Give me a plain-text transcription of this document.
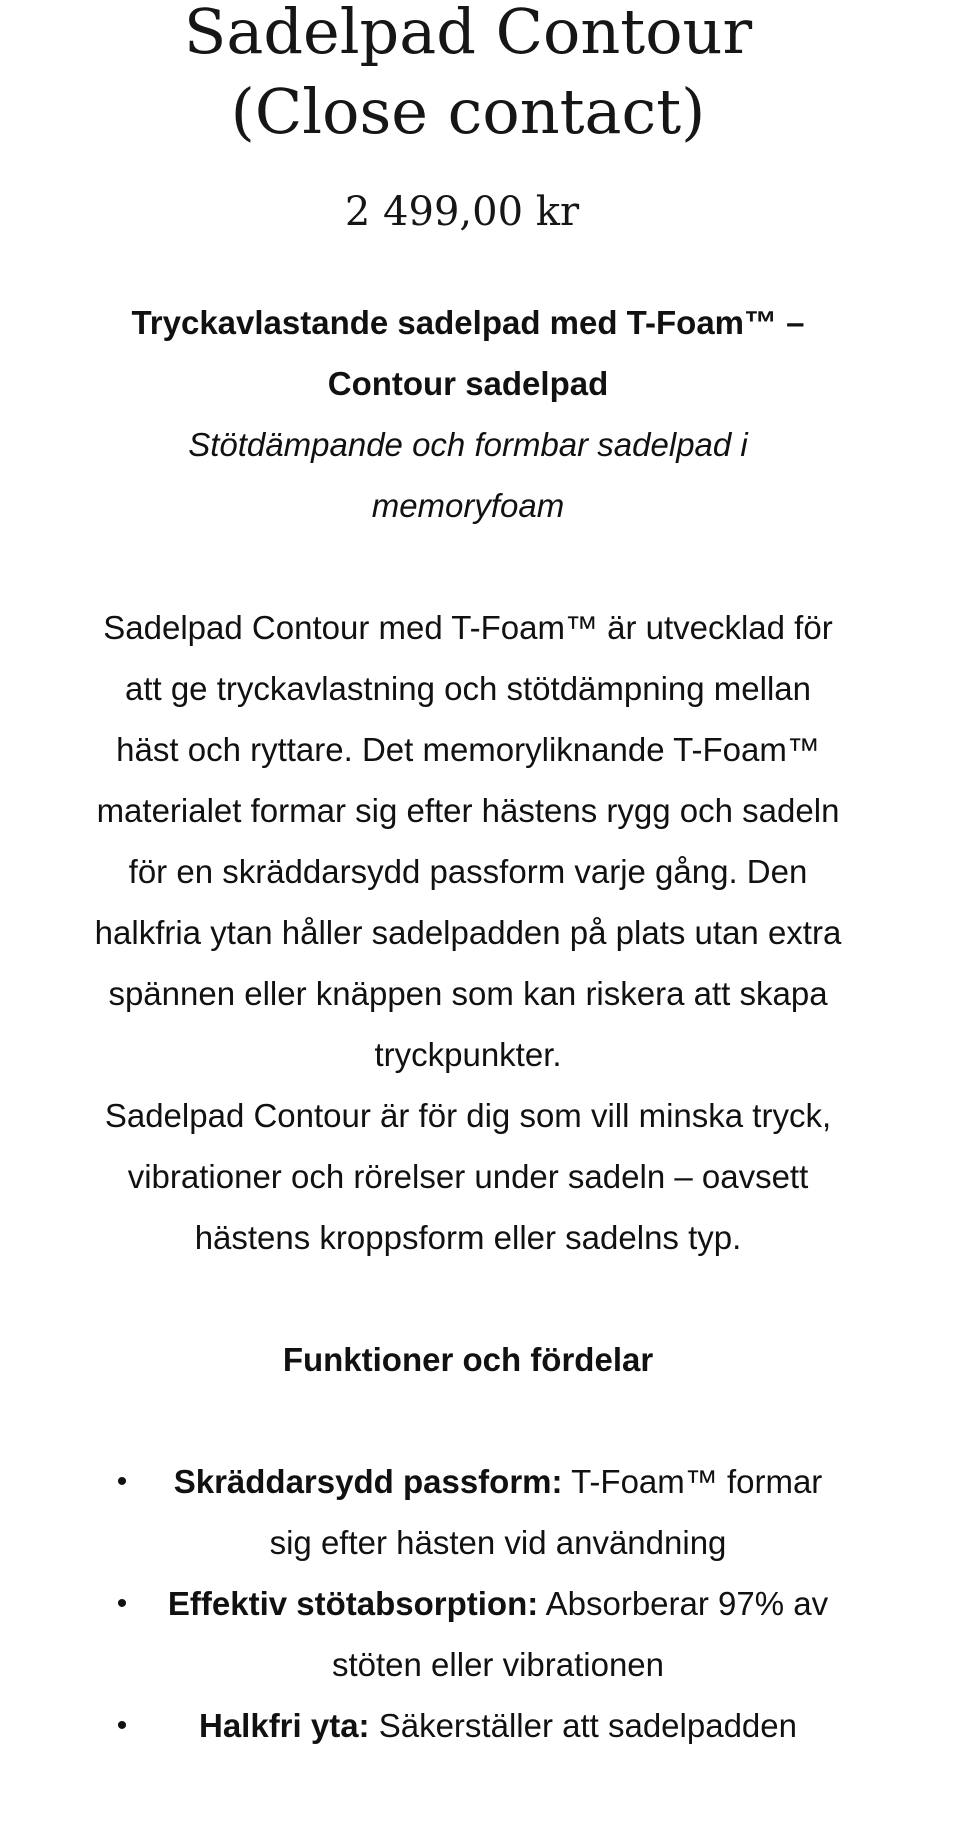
Sadelpad Contour (Close contact)
2 499,00 kr

Tryckavlastande sadelpad med T-Foam™ – Contour sadelpad

Stötdämpande och formbar sadelpad i memoryfoam

Sadelpad Contour med T-Foam™ är utvecklad för att ge tryckavlastning och stötdämpning mellan häst och ryttare. Det memoryliknande T-Foam™ materialet formar sig efter hästens rygg och sadeln för en skräddarsydd passform varje gång. Den halkfria ytan håller sadelpadden på plats utan extra spännen eller knäppen som kan riskera att skapa tryckpunkter.

Sadelpad Contour är för dig som vill minska tryck, vibrationer och rörelser under sadeln – oavsett hästens kroppsform eller sadelns typ.

Funktioner och fördelar

• Skräddarsydd passform: T-Foam™ formar sig efter hästen vid användning
• Effektiv stötabsorption: Absorberar 97% av stöten eller vibrationen
• Halkfri yta: Säkerställer att sadelpadden
